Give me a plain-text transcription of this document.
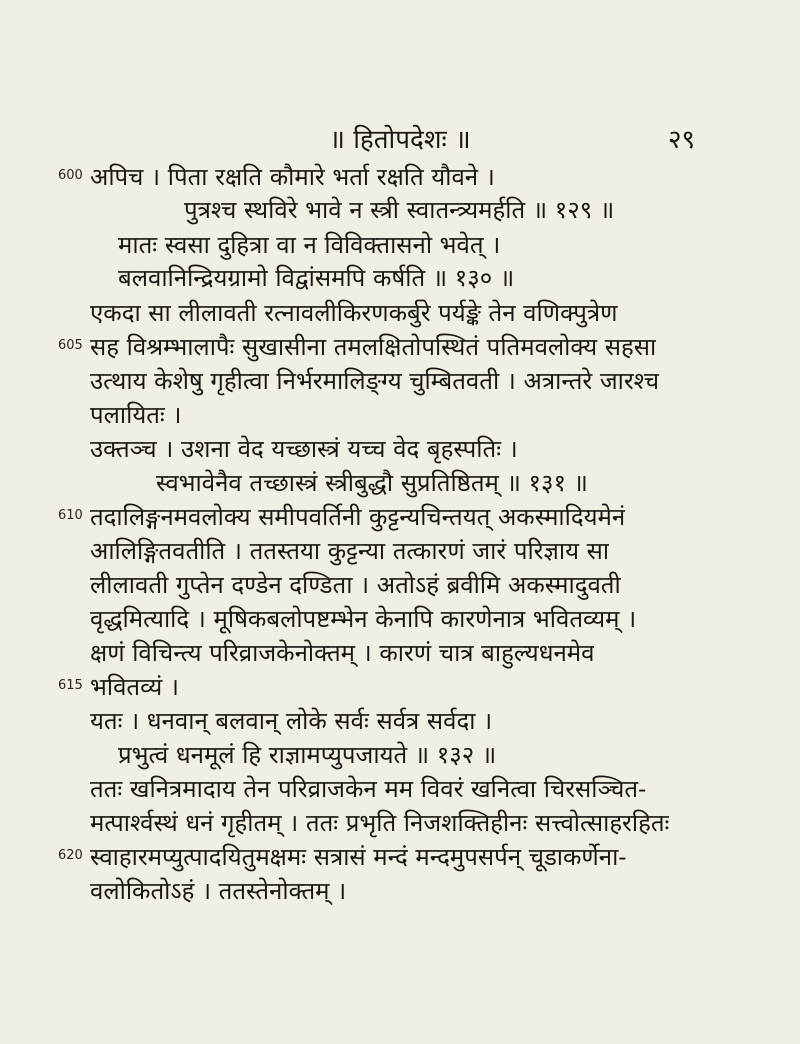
॥ हितोपदेशः ॥	२९
600 अपिच । पिता रक्षति कौमारे भर्ता रक्षति यौवने ।
पुत्रश्च स्थविरे भावे न स्त्री स्वातन्त्र्यमर्हति ॥ १२९ ॥
मातः स्वसा दुहित्रा वा न विविक्तासनो भवेत् ।
बलवानिन्द्रियग्रामो विद्वांसमपि कर्षति ॥ १३० ॥
एकदा सा लीलावती रत्नावलीकिरणकर्बुरे पर्यङ्के तेन वणिक्पुत्रेण
605 सह विश्रम्भालापैः सुखासीना तमलक्षितोपस्थितं पतिमवलोक्य सहसा
उत्थाय केशेषु गृहीत्वा निर्भरमालिङ्ग्य चुम्बितवती । अत्रान्तरे जारश्च
पलायितः ।
उक्तञ्च । उशना वेद यच्छास्त्रं यच्च वेद बृहस्पतिः ।
स्वभावेनैव तच्छास्त्रं स्त्रीबुद्धौ सुप्रतिष्ठितम् ॥ १३१ ॥
610 तदालिङ्गनमवलोक्य समीपवर्तिनी कुट्टन्यचिन्तयत् अकस्मादियमेनं
आलिङ्गितवतीति । ततस्तया कुट्टन्या तत्कारणं जारं परिज्ञाय सा
लीलावती गुप्तेन दण्डेन दण्डिता । अतोऽहं ब्रवीमि अकस्मादुवती
वृद्धमित्यादि । मूषिकबलोपष्टम्भेन केनापि कारणेनात्र भवितव्यम् ।
क्षणं विचिन्त्य परिव्राजकेनोक्तम् । कारणं चात्र बाहुल्यधनमेव
615 भवितव्यं ।
यतः । धनवान् बलवान् लोके सर्वः सर्वत्र सर्वदा ।
प्रभुत्वं धनमूलं हि राज्ञामप्युपजायते ॥ १३२ ॥
ततः खनित्रमादाय तेन परिव्राजकेन मम विवरं खनित्वा चिरसञ्चित-
मत्पार्श्वस्थं धनं गृहीतम् । ततः प्रभृति निजशक्तिहीनः सत्त्वोत्साहरहितः
620 स्वाहारमप्युत्पादयितुमक्षमः सत्रासं मन्दं मन्दमुपसर्पन् चूडाकर्णेना-
वलोकितोऽहं । ततस्तेनोक्तम् ।
